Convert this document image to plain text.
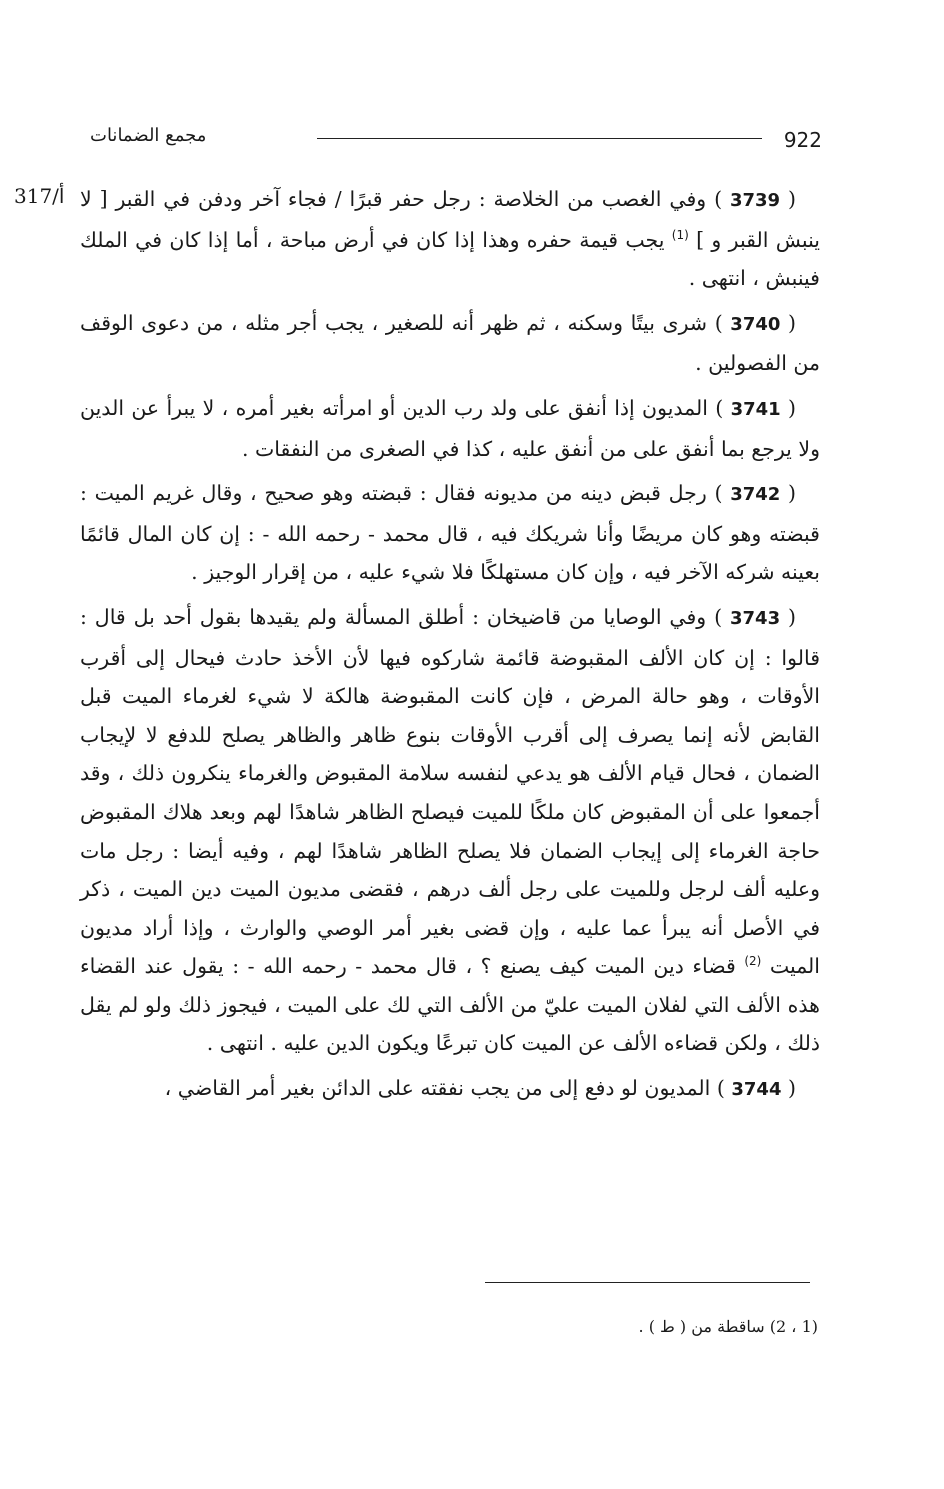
922
مجمع الضمانات
317/أ	( 3739 ) وفي الغصب من الخلاصة : رجل حفر قبرًا / فجاء آخر ودفن في القبر [ لا ينبش القبر و ] $^{(1)}$ يجب قيمة حفره وهذا إذا كان في أرض مباحة ، أما إذا كان في الملك فينبش ، انتهى .

( 3740 ) شرى بيتًا وسكنه ، ثم ظهر أنه للصغير ، يجب أجر مثله ، من دعوى الوقف من الفصولين .

( 3741 ) المديون إذا أنفق على ولد رب الدين أو امرأته بغير أمره ، لا يبرأ عن الدين ولا يرجع بما أنفق على من أنفق عليه ، كذا في الصغرى من النفقات .

( 3742 ) رجل قبض دينه من مديونه فقال : قبضته وهو صحيح ، وقال غريم الميت : قبضته وهو كان مريضًا وأنا شريكك فيه ، قال محمد - رحمه الله - : إن كان المال قائمًا بعينه شركه الآخر فيه ، وإن كان مستهلكًا فلا شيء عليه ، من إقرار الوجيز .

( 3743 ) وفي الوصايا من قاضيخان : أطلق المسألة ولم يقيدها بقول أحد بل قال : قالوا : إن كان الألف المقبوضة قائمة شاركوه فيها لأن الأخذ حادث فيحال إلى أقرب الأوقات ، وهو حالة المرض ، فإن كانت المقبوضة هالكة لا شيء لغرماء الميت قبل القابض لأنه إنما يصرف إلى أقرب الأوقات بنوع ظاهر والظاهر يصلح للدفع لا لإيجاب الضمان ، فحال قيام الألف هو يدعي لنفسه سلامة المقبوض والغرماء ينكرون ذلك ، وقد أجمعوا على أن المقبوض كان ملكًا للميت فيصلح الظاهر شاهدًا لهم وبعد هلاك المقبوض حاجة الغرماء إلى إيجاب الضمان فلا يصلح الظاهر شاهدًا لهم ، وفيه أيضا : رجل مات وعليه ألف لرجل وللميت على رجل ألف درهم ، فقضى مديون الميت دين الميت ، ذكر في الأصل أنه يبرأ عما عليه ، وإن قضى بغير أمر الوصي والوارث ، وإذا أراد مديون الميت $^{(2)}$ قضاء دين الميت كيف يصنع ؟ ، قال محمد - رحمه الله - : يقول عند القضاء هذه الألف التي لفلان الميت عليّ من الألف التي لك على الميت ، فيجوز ذلك ولو لم يقل ذلك ، ولكن قضاءه الألف عن الميت كان تبرعًا ويكون الدين عليه . انتهى .

( 3744 ) المديون لو دفع إلى من يجب نفقته على الدائن بغير أمر القاضي ،

(1 ، 2) ساقطة من ( ط ) .
